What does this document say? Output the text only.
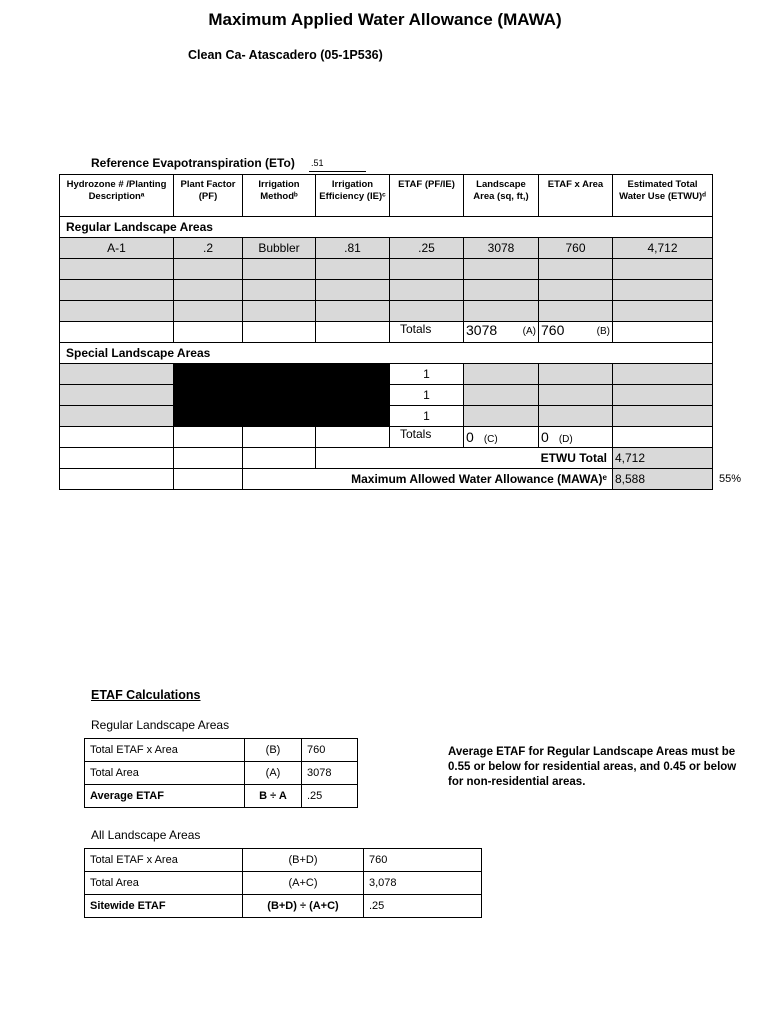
Maximum Applied Water Allowance (MAWA)
Clean Ca- Atascadero (05-1P536)
Reference Evapotranspiration (ETo) .51
Hydrozone # /Planting Descriptionᵃ	Plant Factor (PF)	Irrigation Methodᵇ	Irrigation Efficiency (IE)ᶜ	ETAF (PF/IE)	Landscape Area (sq, ft,)	ETAF x Area	Estimated Total Water Use (ETWU)ᵈ
Regular Landscape Areas							
A-1	.2	Bubbler	.81	.25	3078	760	4,712

				Totals	3078 (A)	760 (B)	

Special Landscape Areas							
				1			
				1			
				1			
				Totals	0 (C)	0 (D)	
			ETWU Total				4,712
		Maximum Allowed Water Allowance (MAWA)ᵉ					8,588	55%
ETAF Calculations
Regular Landscape Areas
Total ETAF x Area	(B)	760
Total Area	(A)	3078
Average ETAF	B ÷ A	.25
Average ETAF for Regular Landscape Areas must be 0.55 or below for residential areas, and 0.45 or below for non-residential areas.
All Landscape Areas
Total ETAF x Area	(B+D)	760
Total Area	(A+C)	3,078
Sitewide ETAF	(B+D) ÷ (A+C)	.25
